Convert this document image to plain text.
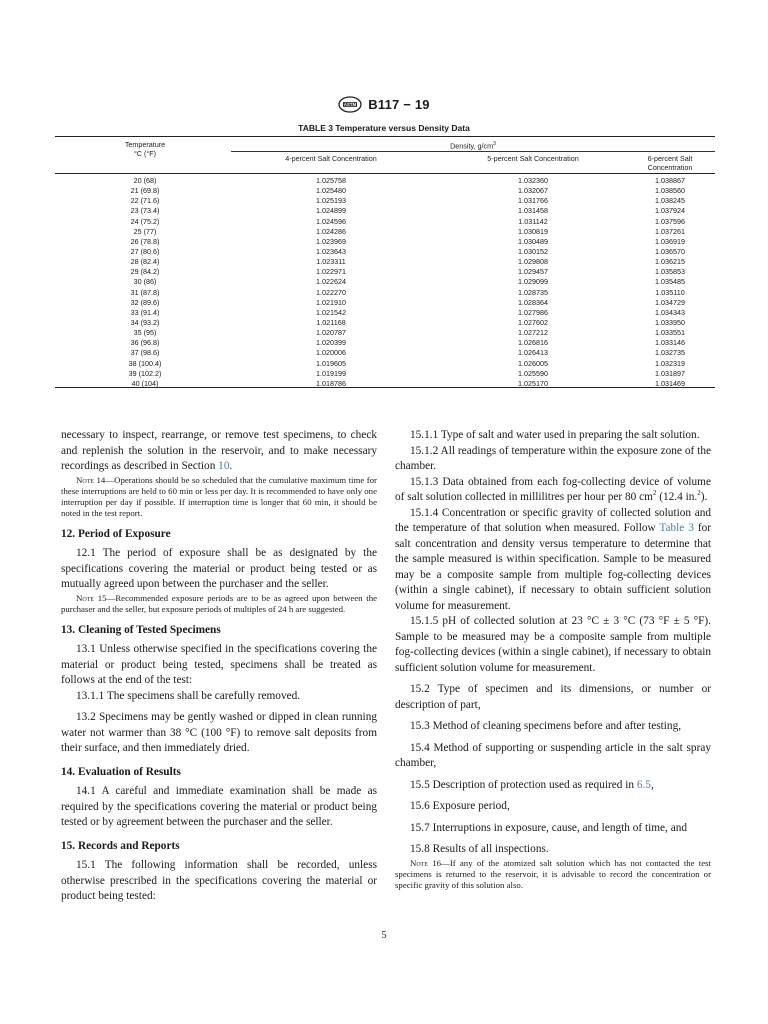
ASTM B117 − 19
TABLE 3 Temperature versus Density Data
Temperature
°C (°F)
Density, $g/cm^3$
4-percent Salt Concentration	5-percent Salt Concentration	6-percent Salt
Concentration
20 (68)	1.025758	1.032360	1.038867
21 (69.8)	1.025480	1.032067	1.038560
22 (71.6)	1.025193	1.031766	1.038245
23 (73.4)	1.024899	1.031458	1.037924
24 (75.2)	1.024596	1.031142	1.037596
25 (77)	1.024286	1.030819	1.037261
26 (78.8)	1.023969	1.030489	1.036919
27 (80.6)	1.023643	1.030152	1.036570
28 (82.4)	1.023311	1.029808	1.036215
29 (84.2)	1.022971	1.029457	1.035853
30 (86)	1.022624	1.029099	1.035485
31 (87.8)	1.022270	1.028735	1.035110
32 (89.6)	1.021910	1.028364	1.034729
33 (91.4)	1.021542	1.027986	1.034343
34 (93.2)	1.021168	1.027602	1.033950
35 (95)	1.020787	1.027212	1.033551
36 (96.8)	1.020399	1.026816	1.033146
37 (98.6)	1.020006	1.026413	1.032735
38 (100.4)	1.019605	1.026005	1.032319
39 (102.2)	1.019199	1.025590	1.031897
40 (104)	1.018786	1.025170	1.031469

necessary to inspect, rearrange, or remove test specimens, to check and replenish the solution in the reservoir, and to make necessary recordings as described in Section 10.

Note 14—Operations should be so scheduled that the cumulative maximum time for these interruptions are held to 60 min or less per day. It is recommended to have only one interruption per day if possible. If interruption time is longer that 60 min, it should be noted in the test report.

12. Period of Exposure

12.1 The period of exposure shall be as designated by the specifications covering the material or product being tested or as mutually agreed upon between the purchaser and the seller.

Note 15—Recommended exposure periods are to be as agreed upon between the purchaser and the seller, but exposure periods of multiples of 24 h are suggested.

13. Cleaning of Tested Specimens

13.1 Unless otherwise specified in the specifications covering the material or product being tested, specimens shall be treated as follows at the end of the test:

13.1.1 The specimens shall be carefully removed.

13.2 Specimens may be gently washed or dipped in clean running water not warmer than 38 °C (100 °F) to remove salt deposits from their surface, and then immediately dried.

14. Evaluation of Results

14.1 A careful and immediate examination shall be made as required by the specifications covering the material or product being tested or by agreement between the purchaser and the seller.

15. Records and Reports

15.1 The following information shall be recorded, unless otherwise prescribed in the specifications covering the material or product being tested:

15.1.1 Type of salt and water used in preparing the salt solution.

15.1.2 All readings of temperature within the exposure zone of the chamber.

15.1.3 Data obtained from each fog-collecting device of volume of salt solution collected in millilitres per hour per 80 $cm^2$ (12.4 in.$^2$).

15.1.4 Concentration or specific gravity of collected solution and the temperature of that solution when measured. Follow Table 3 for salt concentration and density versus temperature to determine that the sample measured is within specification. Sample to be measured may be a composite sample from multiple fog-collecting devices (within a single cabinet), if necessary to obtain sufficient solution volume for measurement.

15.1.5 pH of collected solution at 23 °C ± 3 °C (73 °F ± 5 °F). Sample to be measured may be a composite sample from multiple fog-collecting devices (within a single cabinet), if necessary to obtain sufficient solution volume for measurement.

15.2 Type of specimen and its dimensions, or number or description of part,

15.3 Method of cleaning specimens before and after testing,

15.4 Method of supporting or suspending article in the salt spray chamber,

15.5 Description of protection used as required in 6.5,

15.6 Exposure period,

15.7 Interruptions in exposure, cause, and length of time, and

15.8 Results of all inspections.

Note 16—If any of the atomized salt solution which has not contacted the test specimens is returned to the reservoir, it is advisable to record the concentration or specific gravity of this solution also.

5
